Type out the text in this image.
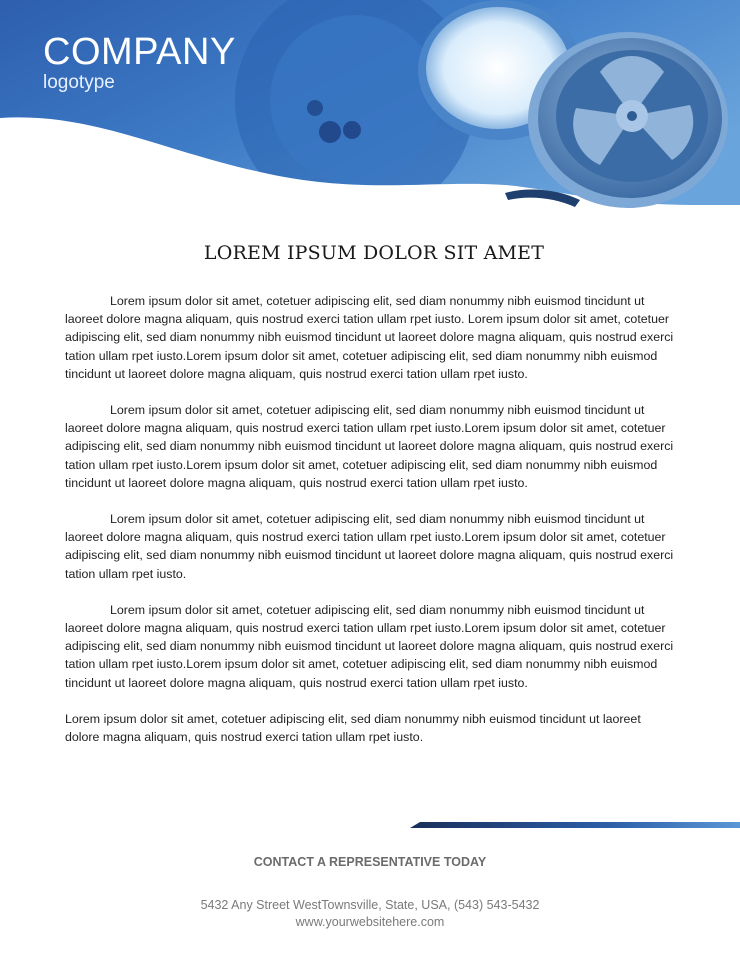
COMPANY
logotype
LOREM IPSUM DOLOR SIT AMET

Lorem ipsum dolor sit amet, cotetuer adipiscing elit, sed diam nonummy nibh euismod tincidunt ut laoreet dolore magna aliquam, quis nostrud exerci tation ullam rpet iusto. Lorem ipsum dolor sit amet, cotetuer adipiscing elit, sed diam nonummy nibh euismod tincidunt ut laoreet dolore magna aliquam, quis nostrud exerci tation ullam rpet iusto.Lorem ipsum dolor sit amet, cotetuer adipiscing elit, sed diam nonummy nibh euismod tincidunt ut laoreet dolore magna aliquam, quis nostrud exerci tation ullam rpet iusto.

Lorem ipsum dolor sit amet, cotetuer adipiscing elit, sed diam nonummy nibh euismod tincidunt ut laoreet dolore magna aliquam, quis nostrud exerci tation ullam rpet iusto.Lorem ipsum dolor sit amet, cotetuer adipiscing elit, sed diam nonummy nibh euismod tincidunt ut laoreet dolore magna aliquam, quis nostrud exerci tation ullam rpet iusto.Lorem ipsum dolor sit amet, cotetuer adipiscing elit, sed diam nonummy nibh euismod tincidunt ut laoreet dolore magna aliquam, quis nostrud exerci tation ullam rpet iusto.

Lorem ipsum dolor sit amet, cotetuer adipiscing elit, sed diam nonummy nibh euismod tincidunt ut laoreet dolore magna aliquam, quis nostrud exerci tation ullam rpet iusto.Lorem ipsum dolor sit amet, cotetuer adipiscing elit, sed diam nonummy nibh euismod tincidunt ut laoreet dolore magna aliquam, quis nostrud exerci tation ullam rpet iusto.

Lorem ipsum dolor sit amet, cotetuer adipiscing elit, sed diam nonummy nibh euismod tincidunt ut laoreet dolore magna aliquam, quis nostrud exerci tation ullam rpet iusto.Lorem ipsum dolor sit amet, cotetuer adipiscing elit, sed diam nonummy nibh euismod tincidunt ut laoreet dolore magna aliquam, quis nostrud exerci tation ullam rpet iusto.Lorem ipsum dolor sit amet, cotetuer adipiscing elit, sed diam nonummy nibh euismod tincidunt ut laoreet dolore magna aliquam, quis nostrud exerci tation ullam rpet iusto.

Lorem ipsum dolor sit amet, cotetuer adipiscing elit, sed diam nonummy nibh euismod tincidunt ut laoreet dolore magna aliquam, quis nostrud exerci tation ullam rpet iusto.

CONTACT A REPRESENTATIVE TODAY
5432 Any Street WestTownsville, State, USA, (543) 543-5432
www.yourwebsitehere.com
